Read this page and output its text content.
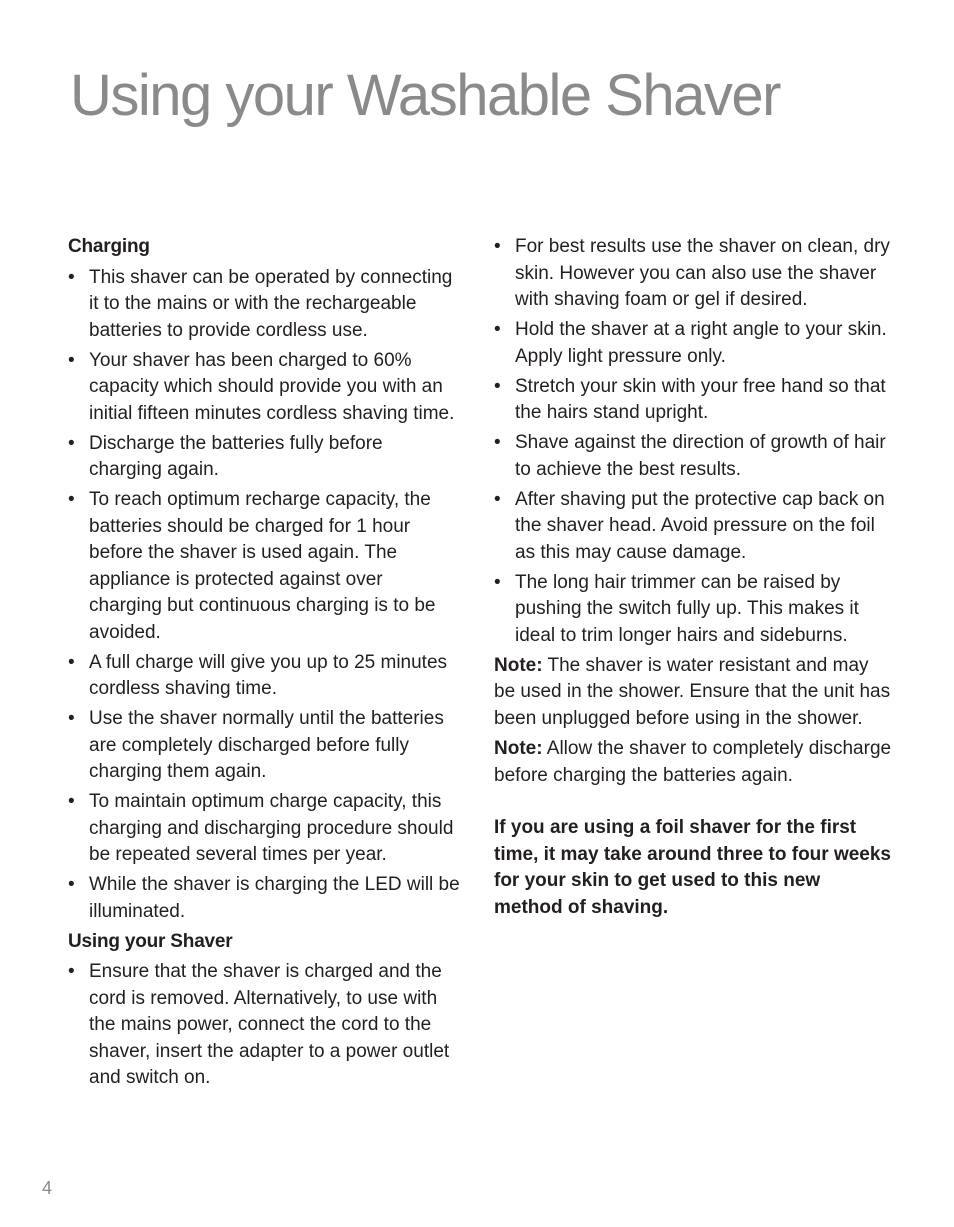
Using your Washable Shaver

Charging

• This shaver can be operated by connecting it to the mains or with the rechargeable batteries to provide cordless use.
• Your shaver has been charged to 60% capacity which should provide you with an initial fifteen minutes cordless shaving time.
• Discharge the batteries fully before charging again.
• To reach optimum recharge capacity, the batteries should be charged for 1 hour before the shaver is used again. The appliance is protected against over charging but continuous charging is to be avoided.
• A full charge will give you up to 25 minutes cordless shaving time.
• Use the shaver normally until the batteries are completely discharged before fully charging them again.
• To maintain optimum charge capacity, this charging and discharging procedure should be repeated several times per year.
• While the shaver is charging the LED will be illuminated.

Using your Shaver

• Ensure that the shaver is charged and the cord is removed. Alternatively, to use with the mains power, connect the cord to the shaver, insert the adapter to a power outlet and switch on.
• For best results use the shaver on clean, dry skin. However you can also use the shaver with shaving foam or gel if desired.
• Hold the shaver at a right angle to your skin. Apply light pressure only.
• Stretch your skin with your free hand so that the hairs stand upright.
• Shave against the direction of growth of hair to achieve the best results.
• After shaving put the protective cap back on the shaver head. Avoid pressure on the foil as this may cause damage.
• The long hair trimmer can be raised by pushing the switch fully up. This makes it ideal to trim longer hairs and sideburns.

Note: The shaver is water resistant and may be used in the shower. Ensure that the unit has been unplugged before using in the shower.

Note: Allow the shaver to completely discharge before charging the batteries again.

If you are using a foil shaver for the first time, it may take around three to four weeks for your skin to get used to this new method of shaving.

4
